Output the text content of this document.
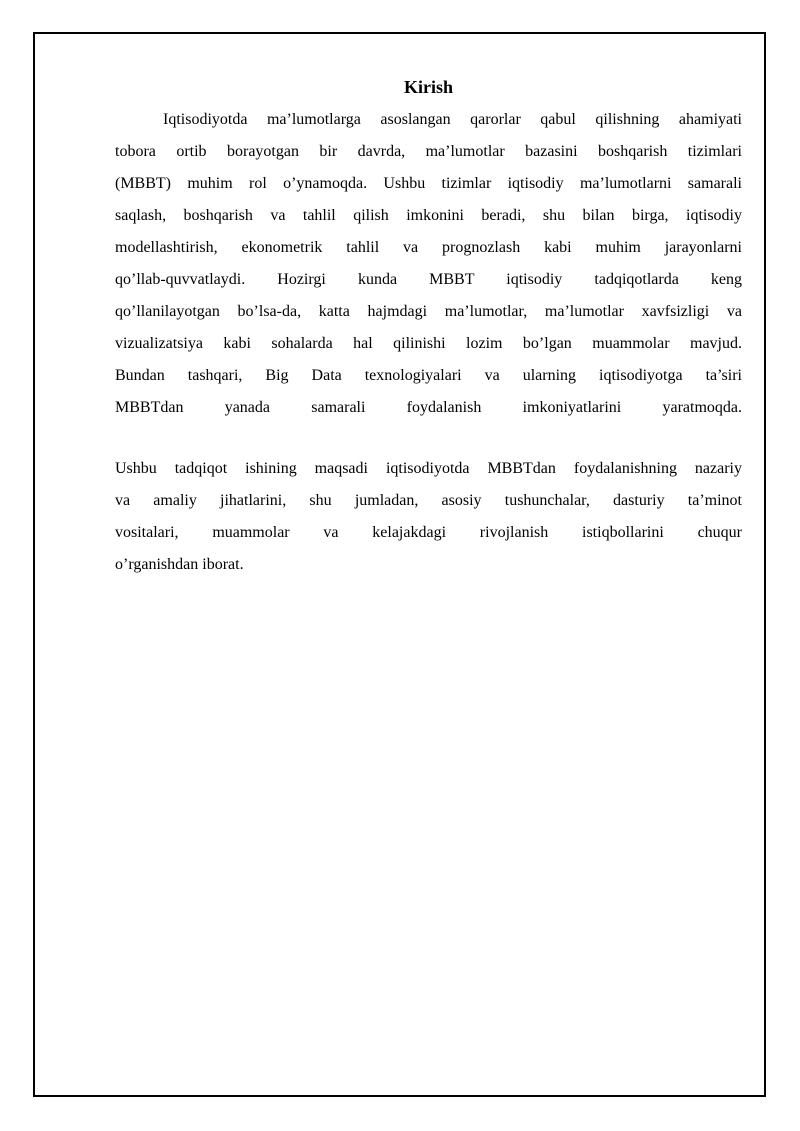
Kirish
Iqtisodiyotda ma’lumotlarga asoslangan qarorlar qabul qilishning ahamiyati
tobora ortib borayotgan bir davrda, ma’lumotlar bazasini boshqarish tizimlari
(MBBT) muhim rol o’ynamoqda. Ushbu tizimlar iqtisodiy ma’lumotlarni samarali
saqlash, boshqarish va tahlil qilish imkonini beradi, shu bilan birga, iqtisodiy
modellashtirish, ekonometrik tahlil va prognozlash kabi muhim jarayonlarni
qo’llab-quvvatlaydi. Hozirgi kunda MBBT iqtisodiy tadqiqotlarda keng
qo’llanilayotgan bo’lsa-da, katta hajmdagi ma’lumotlar, ma’lumotlar xavfsizligi va
vizualizatsiya kabi sohalarda hal qilinishi lozim bo’lgan muammolar mavjud.
Bundan tashqari, Big Data texnologiyalari va ularning iqtisodiyotga ta’siri
MBBTdan yanada samarali foydalanish imkoniyatlarini yaratmoqda.
Ushbu tadqiqot ishining maqsadi iqtisodiyotda MBBTdan foydalanishning nazariy
va amaliy jihatlarini, shu jumladan, asosiy tushunchalar, dasturiy ta’minot
vositalari, muammolar va kelajakdagi rivojlanish istiqbollarini chuqur
o’rganishdan iborat.
